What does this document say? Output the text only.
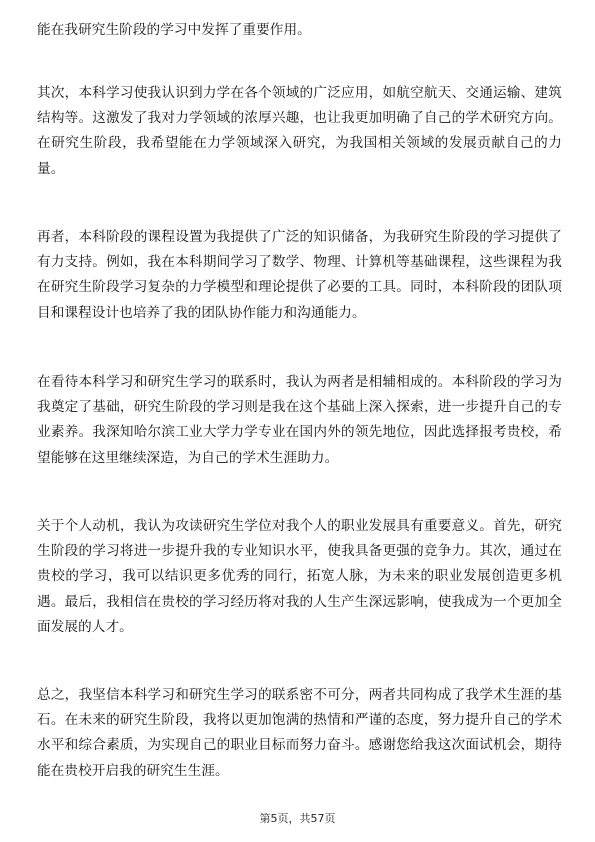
能在我研究生阶段的学习中发挥了重要作用。

其次，本科学习使我认识到力学在各个领域的广泛应用，如航空航天、交通运输、建筑结构等。这激发了我对力学领域的浓厚兴趣，也让我更加明确了自己的学术研究方向。在研究生阶段，我希望能在力学领域深入研究，为我国相关领域的发展贡献自己的力量。

再者，本科阶段的课程设置为我提供了广泛的知识储备，为我研究生阶段的学习提供了有力支持。例如，我在本科期间学习了数学、物理、计算机等基础课程，这些课程为我在研究生阶段学习复杂的力学模型和理论提供了必要的工具。同时，本科阶段的团队项目和课程设计也培养了我的团队协作能力和沟通能力。

在看待本科学习和研究生学习的联系时，我认为两者是相辅相成的。本科阶段的学习为我奠定了基础，研究生阶段的学习则是我在这个基础上深入探索，进一步提升自己的专业素养。我深知哈尔滨工业大学力学专业在国内外的领先地位，因此选择报考贵校，希望能够在这里继续深造，为自己的学术生涯助力。

关于个人动机，我认为攻读研究生学位对我个人的职业发展具有重要意义。首先，研究生阶段的学习将进一步提升我的专业知识水平，使我具备更强的竞争力。其次，通过在贵校的学习，我可以结识更多优秀的同行，拓宽人脉，为未来的职业发展创造更多机遇。最后，我相信在贵校的学习经历将对我的人生产生深远影响，使我成为一个更加全面发展的人才。

总之，我坚信本科学习和研究生学习的联系密不可分，两者共同构成了我学术生涯的基石。在未来的研究生阶段，我将以更加饱满的热情和严谨的态度，努力提升自己的学术水平和综合素质，为实现自己的职业目标而努力奋斗。感谢您给我这次面试机会，期待能在贵校开启我的研究生生涯。

第5页，共57页
